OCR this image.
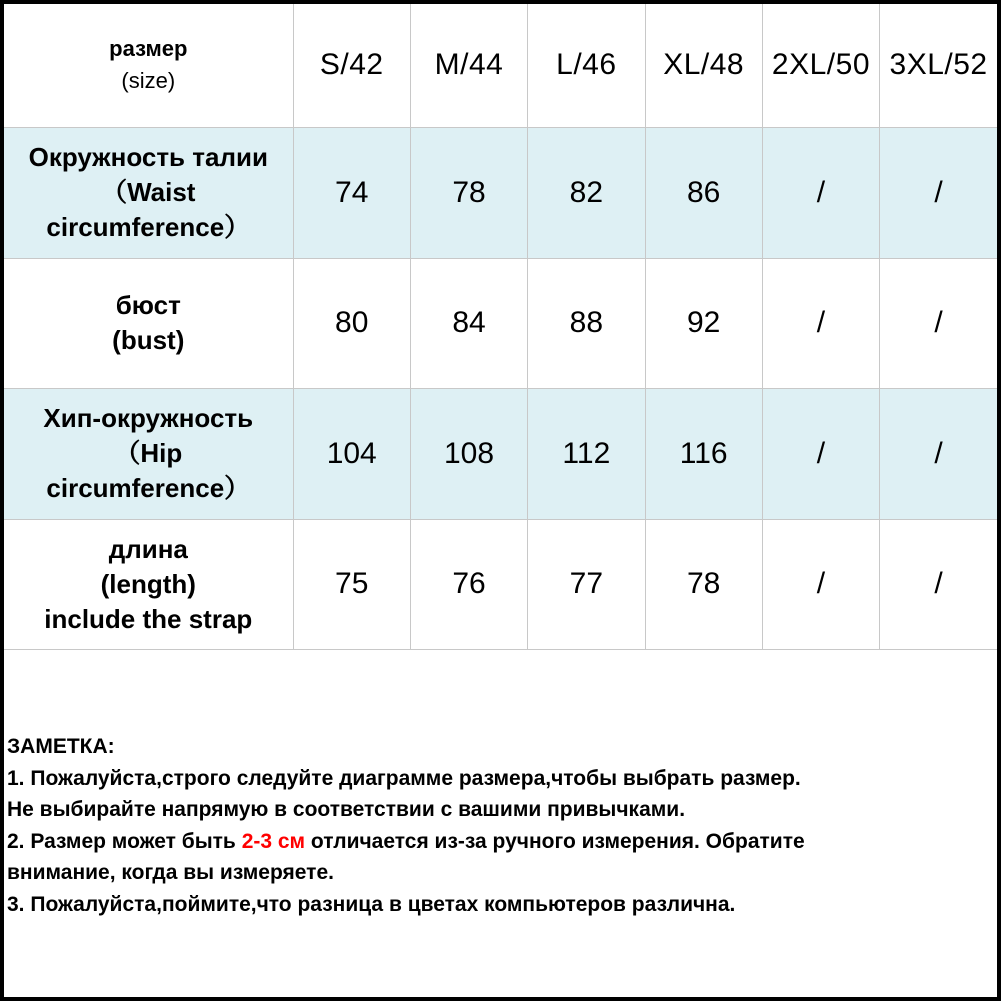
размер
(size)	S/42	M/44	L/46	XL/48	2XL/50	3XL/52

Окружность талии
（Waist
circumference）	74	78	82	86	/	/

бюст
(bust)	80	84	88	92	/	/

Хип-окружность
（Hip
circumference）	104	108	112	116	/	/

длина
(length)
include the strap	75	76	77	78	/	/
ЗАМЕТКА:
1. Пожалуйста,строго следуйте диаграмме размера,чтобы выбрать размер.
Не выбирайте напрямую в соответствии с вашими привычками.
2. Размер может быть 2-3 см отличается из-за ручного измерения. Обратите
внимание, когда вы измеряете.
3. Пожалуйста,поймите,что разница в цветах компьютеров различна.
